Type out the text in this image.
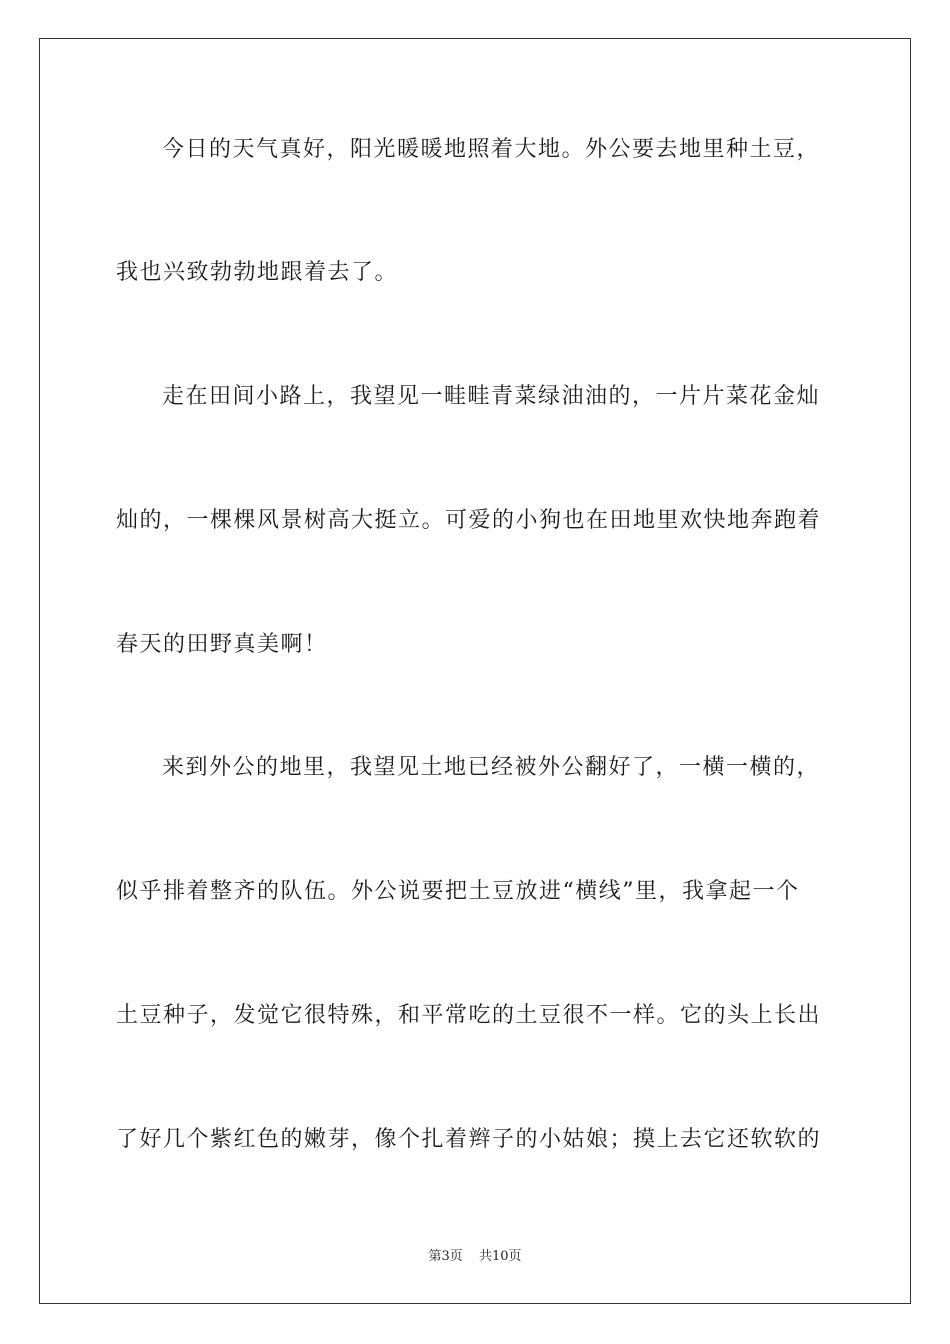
今日的天气真好，阳光暖暖地照着大地。外公要去地里种土豆，
我也兴致勃勃地跟着去了。
走在田间小路上，我望见一畦畦青菜绿油油的，一片片菜花金灿
灿的，一棵棵风景树高大挺立。可爱的小狗也在田地里欢快地奔跑着
春天的田野真美啊！
来到外公的地里，我望见土地已经被外公翻好了，一横一横的，
似乎排着整齐的队伍。外公说要把土豆放进“横线”里，我拿起一个
土豆种子，发觉它很特殊，和平常吃的土豆很不一样。它的头上长出
了好几个紫红色的嫩芽，像个扎着辫子的小姑娘；摸上去它还软软的
第3页 共10页
